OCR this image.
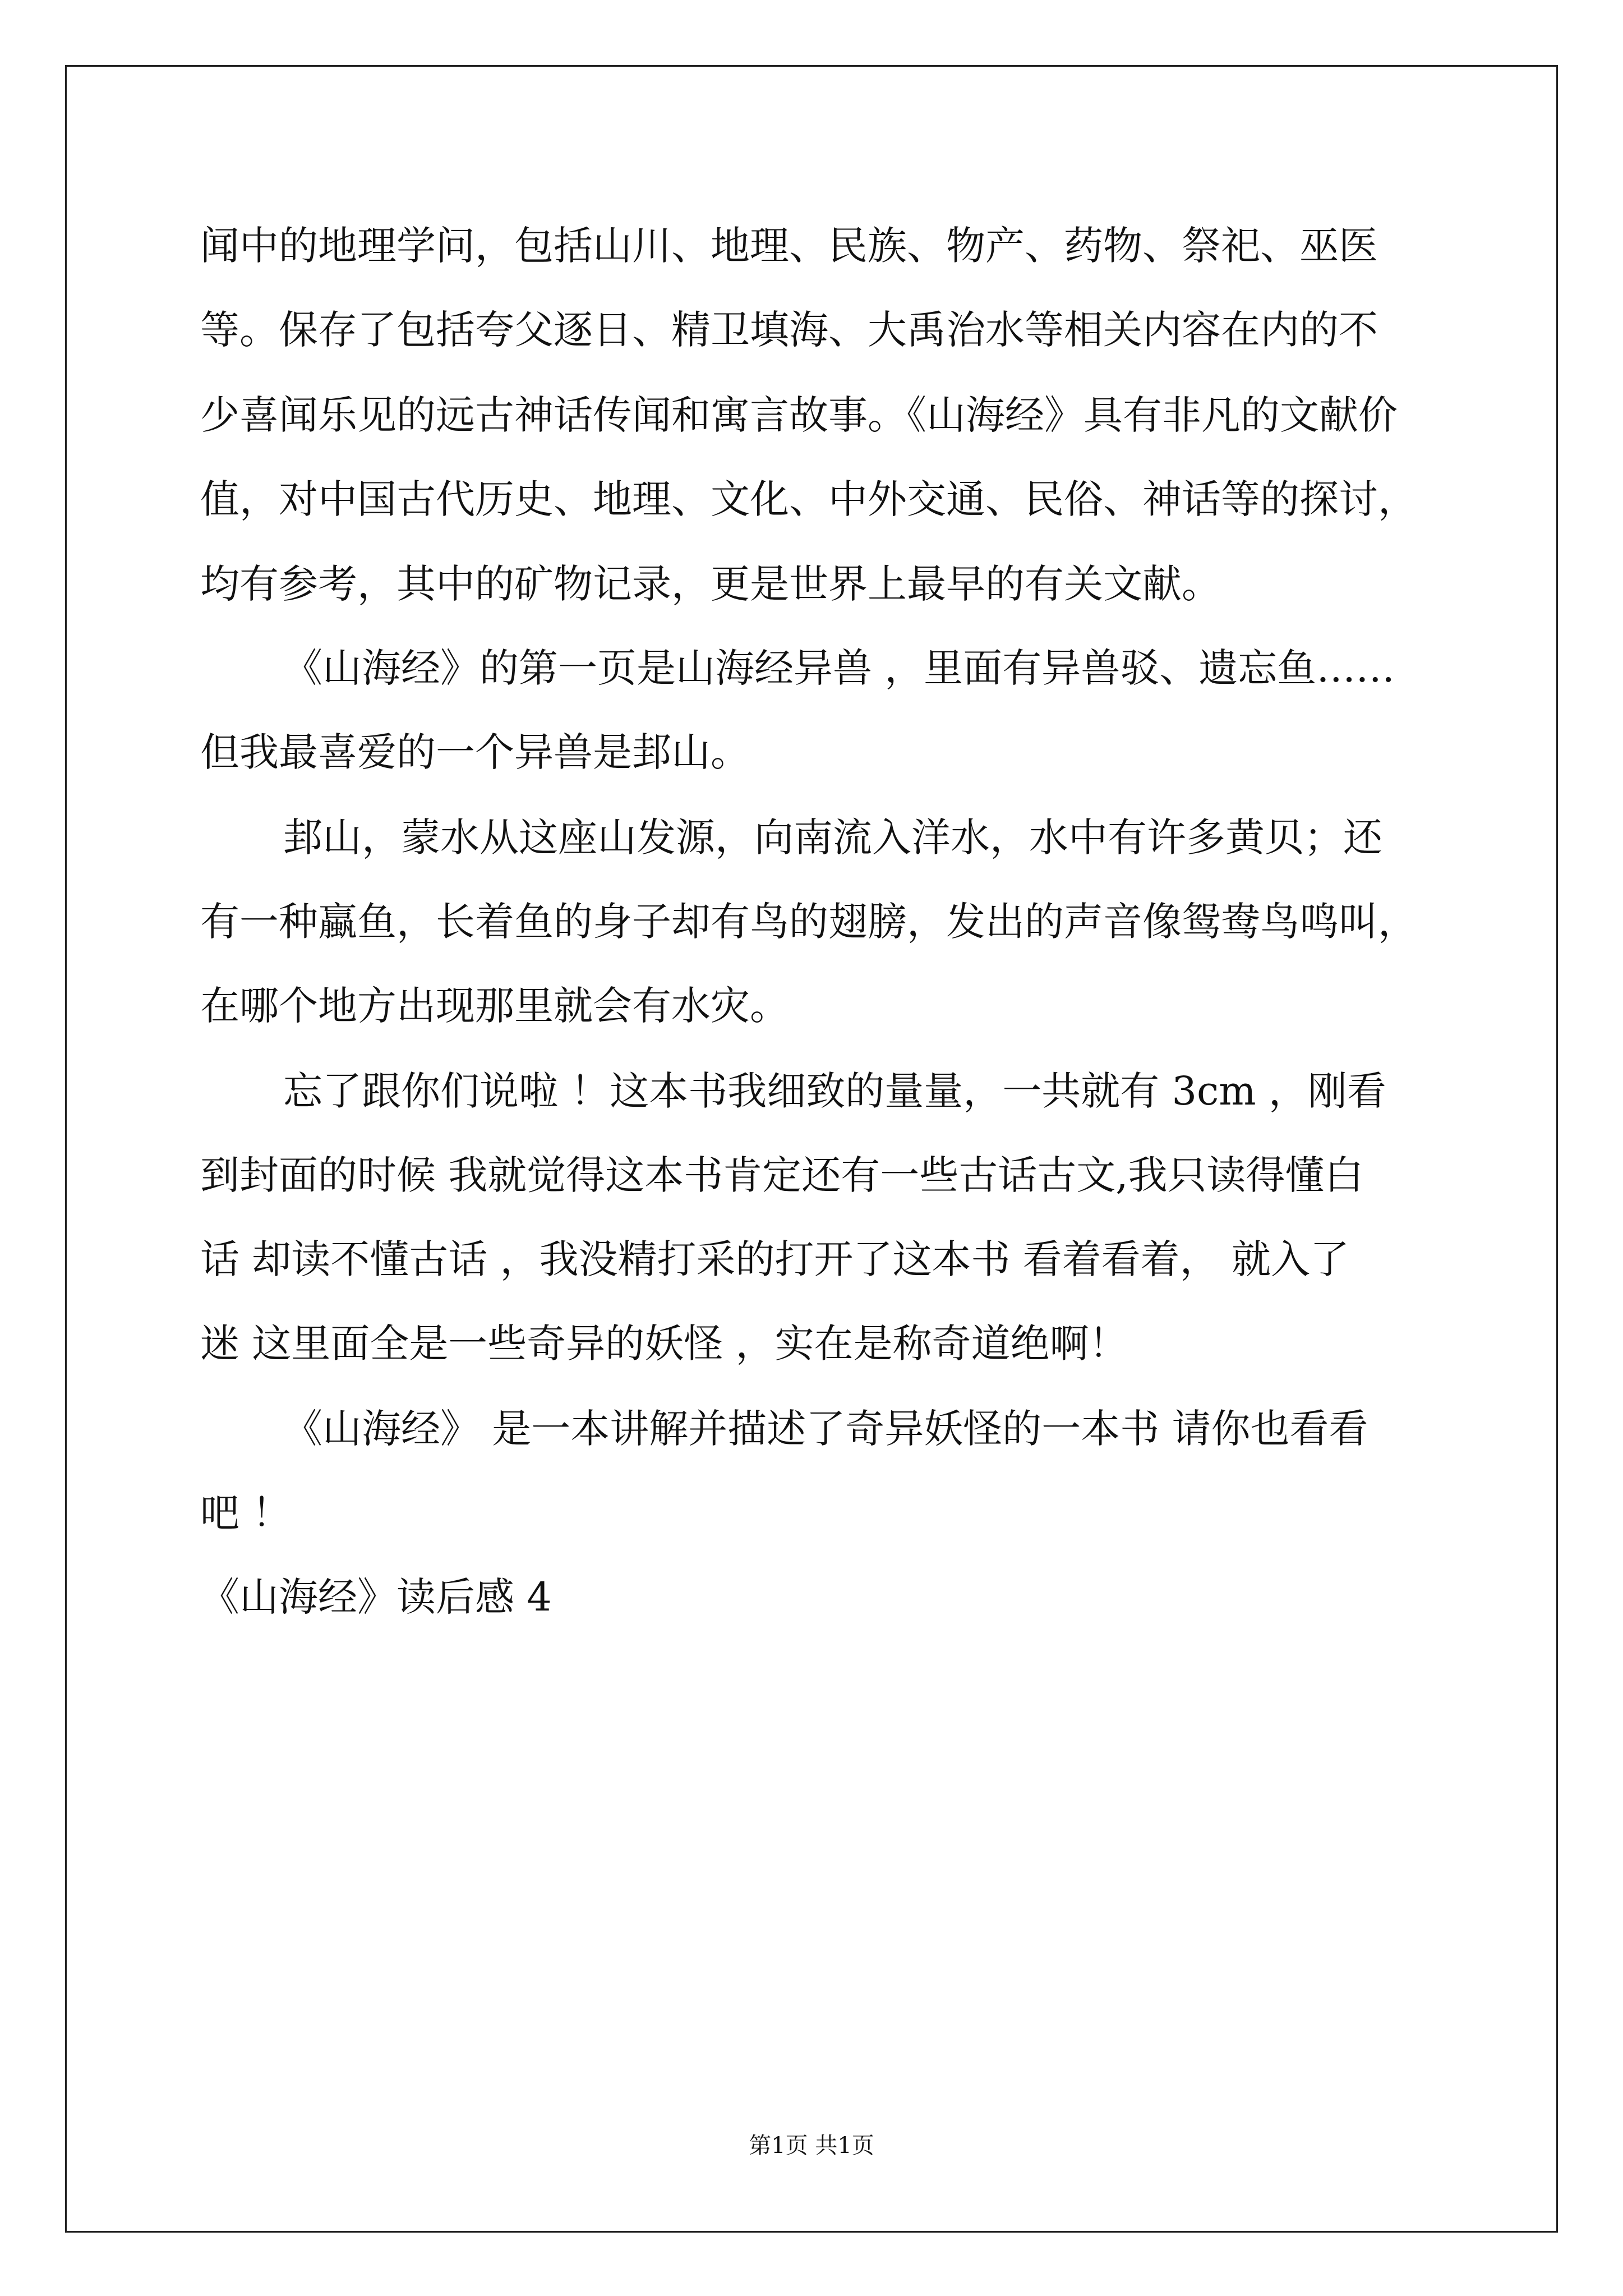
闻中的地理学问，包括山川、地理、民族、物产、药物、祭祀、巫医
等。保存了包括夸父逐日、精卫填海、大禹治水等相关内容在内的不
少喜闻乐见的远古神话传闻和寓言故事。《山海经》具有非凡的文献价
值，对中国古代历史、地理、文化、中外交通、民俗、神话等的探讨，
均有参考，其中的矿物记录，更是世界上最早的有关文献。
《山海经》的第一页是山海经异兽 ，里面有异兽驳、遗忘鱼……
但我最喜爱的一个异兽是邽山。
邽山，蒙水从这座山发源，向南流入洋水，水中有许多黄贝；还
有一种蠃鱼，长着鱼的身子却有鸟的翅膀，发出的声音像鸳鸯鸟鸣叫，
在哪个地方出现那里就会有水灾。
忘了跟你们说啦 ！这本书我细致的量量，一共就有 3cm ，刚看
到封面的时候 我就觉得这本书肯定还有一些古话古文,我只读得懂白
话 却读不懂古话 ，我没精打采的打开了这本书 看着看着， 就入了
迷 这里面全是一些奇异的妖怪 ，实在是称奇道绝啊！
《山海经》 是一本讲解并描述了奇异妖怪的一本书 请你也看看
吧 ！
《山海经》读后感 4
第1页 共1页
